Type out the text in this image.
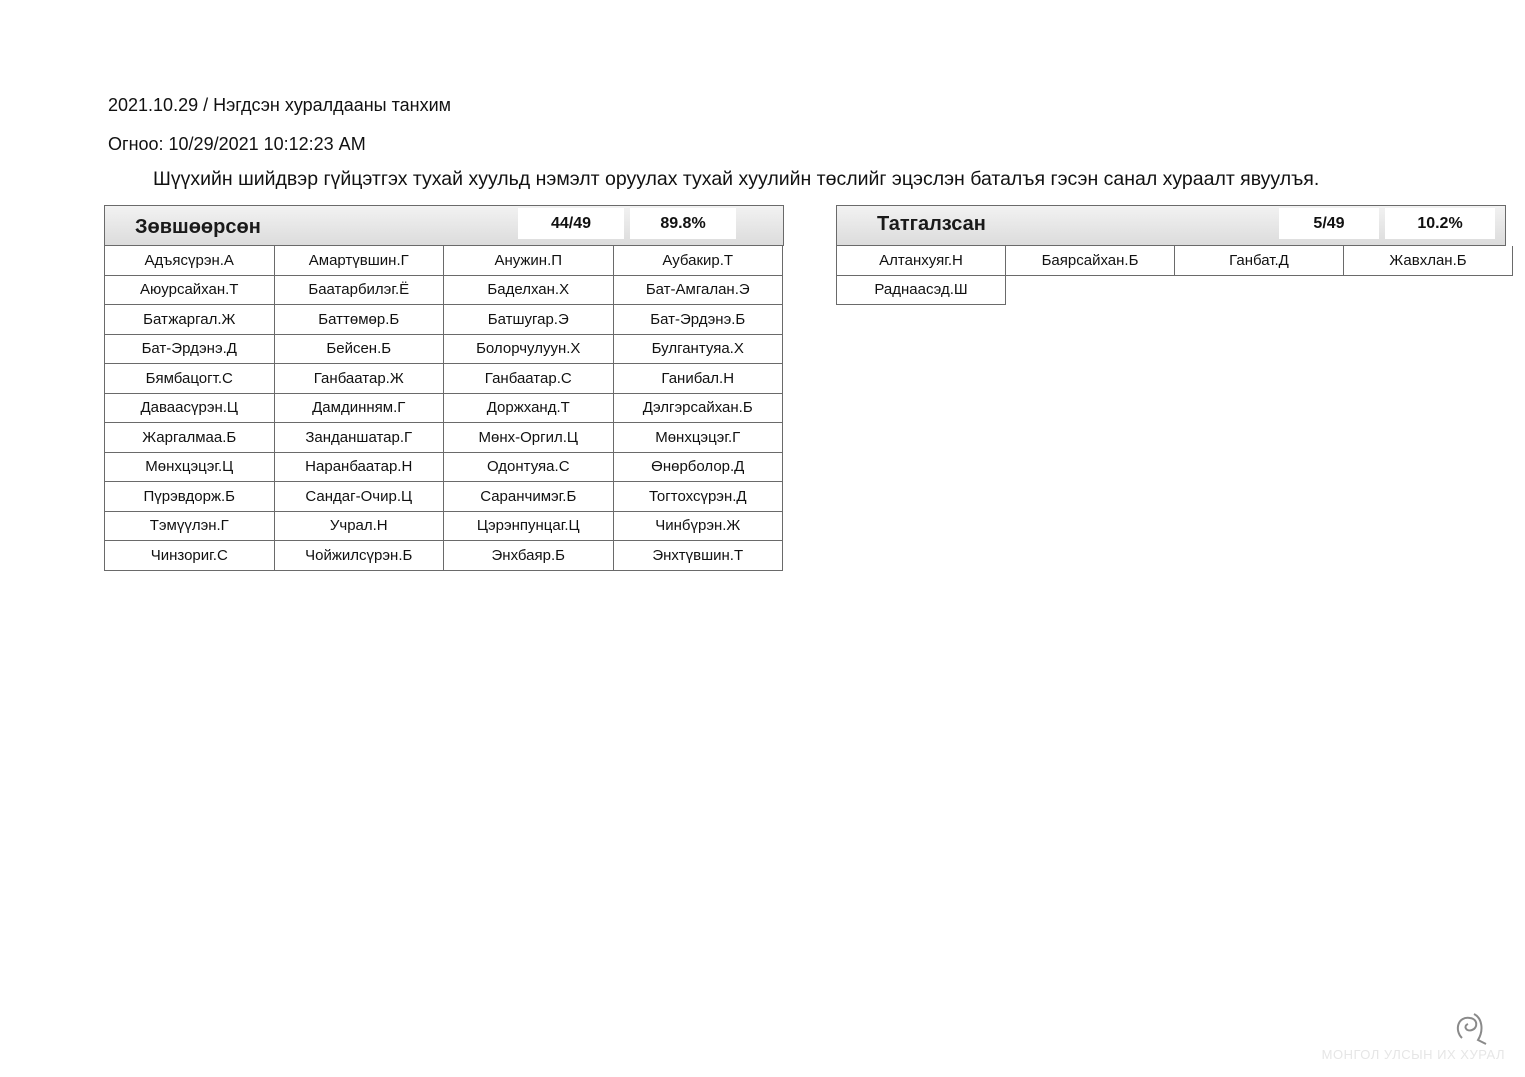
2021.10.29 / Нэгдсэн хуралдааны танхим
Огноо: 10/29/2021 10:12:23 AM
Шүүхийн шийдвэр гүйцэтгэх тухай хуульд нэмэлт оруулах тухай хуулийн төслийг эцэслэн баталъя гэсэн санал хураалт явуулъя.
Зөвшөөрсөн	44/49	89.8%
Адъясүрэн.А	Амартүвшин.Г	Анужин.П	Аубакир.Т
Аюурсайхан.Т	Баатарбилэг.Ё	Баделхан.Х	Бат-Амгалан.Э
Батжаргал.Ж	Баттөмөр.Б	Батшугар.Э	Бат-Эрдэнэ.Б
Бат-Эрдэнэ.Д	Бейсен.Б	Болорчулуун.Х	Булгантуяа.Х
Бямбацогт.С	Ганбаатар.Ж	Ганбаатар.С	Ганибал.Н
Даваасүрэн.Ц	Дамдинням.Г	Доржханд.Т	Дэлгэрсайхан.Б
Жаргалмаа.Б	Занданшатар.Г	Мөнх-Оргил.Ц	Мөнхцэцэг.Г
Мөнхцэцэг.Ц	Наранбаатар.Н	Одонтуяа.С	Өнөрболор.Д
Пүрэвдорж.Б	Сандаг-Очир.Ц	Саранчимэг.Б	Тогтохсүрэн.Д
Тэмүүлэн.Г	Учрал.Н	Цэрэнпунцаг.Ц	Чинбүрэн.Ж
Чинзориг.С	Чойжилсүрэн.Б	Энхбаяр.Б	Энхтүвшин.Т
Татгалзсан	5/49	10.2%
Алтанхуяг.Н	Баярсайхан.Б	Ганбат.Д	Жавхлан.Б
Раднаасэд.Ш
МОНГОЛ УЛСЫН ИХ ХУРАЛ
